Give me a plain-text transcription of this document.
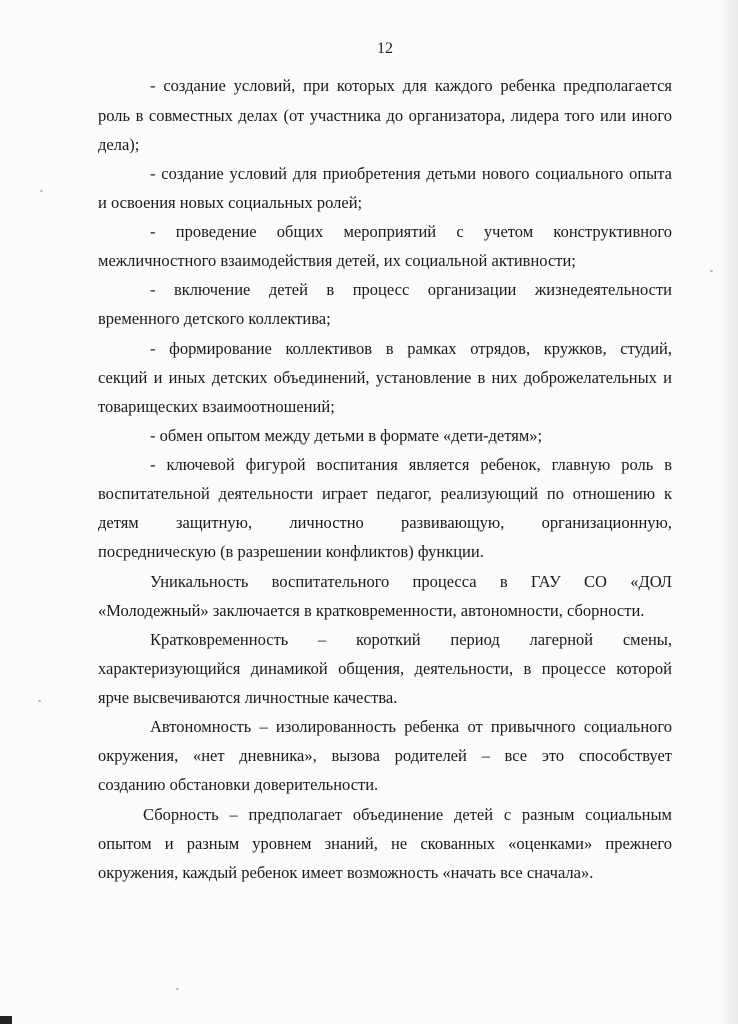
12
- создание условий, при которых для каждого ребенка предполагается
роль в совместных делах (от участника до организатора, лидера того или иного
дела);
- создание условий для приобретения детьми нового социального опыта
и освоения новых социальных ролей;
- проведение общих мероприятий с учетом конструктивного
межличностного взаимодействия детей, их социальной активности;
- включение детей в процесс организации жизнедеятельности
временного детского коллектива;
- формирование коллективов в рамках отрядов, кружков, студий,
секций и иных детских объединений, установление в них доброжелательных и
товарищеских взаимоотношений;
- обмен опытом между детьми в формате «дети-детям»;
- ключевой фигурой воспитания является ребенок, главную роль в
воспитательной деятельности играет педагог, реализующий по отношению к
детям защитную, личностно развивающую, организационную,
посредническую (в разрешении конфликтов) функции.
Уникальность воспитательного процесса в ГАУ СО «ДОЛ
«Молодежный» заключается в кратковременности, автономности, сборности.
Кратковременность – короткий период лагерной смены,
характеризующийся динамикой общения, деятельности, в процессе которой
ярче высвечиваются личностные качества.
Автономность – изолированность ребенка от привычного социального
окружения, «нет дневника», вызова родителей – все это способствует
созданию обстановки доверительности.
Сборность – предполагает объединение детей с разным социальным
опытом и разным уровнем знаний, не скованных «оценками» прежнего
окружения, каждый ребенок имеет возможность «начать все сначала».
